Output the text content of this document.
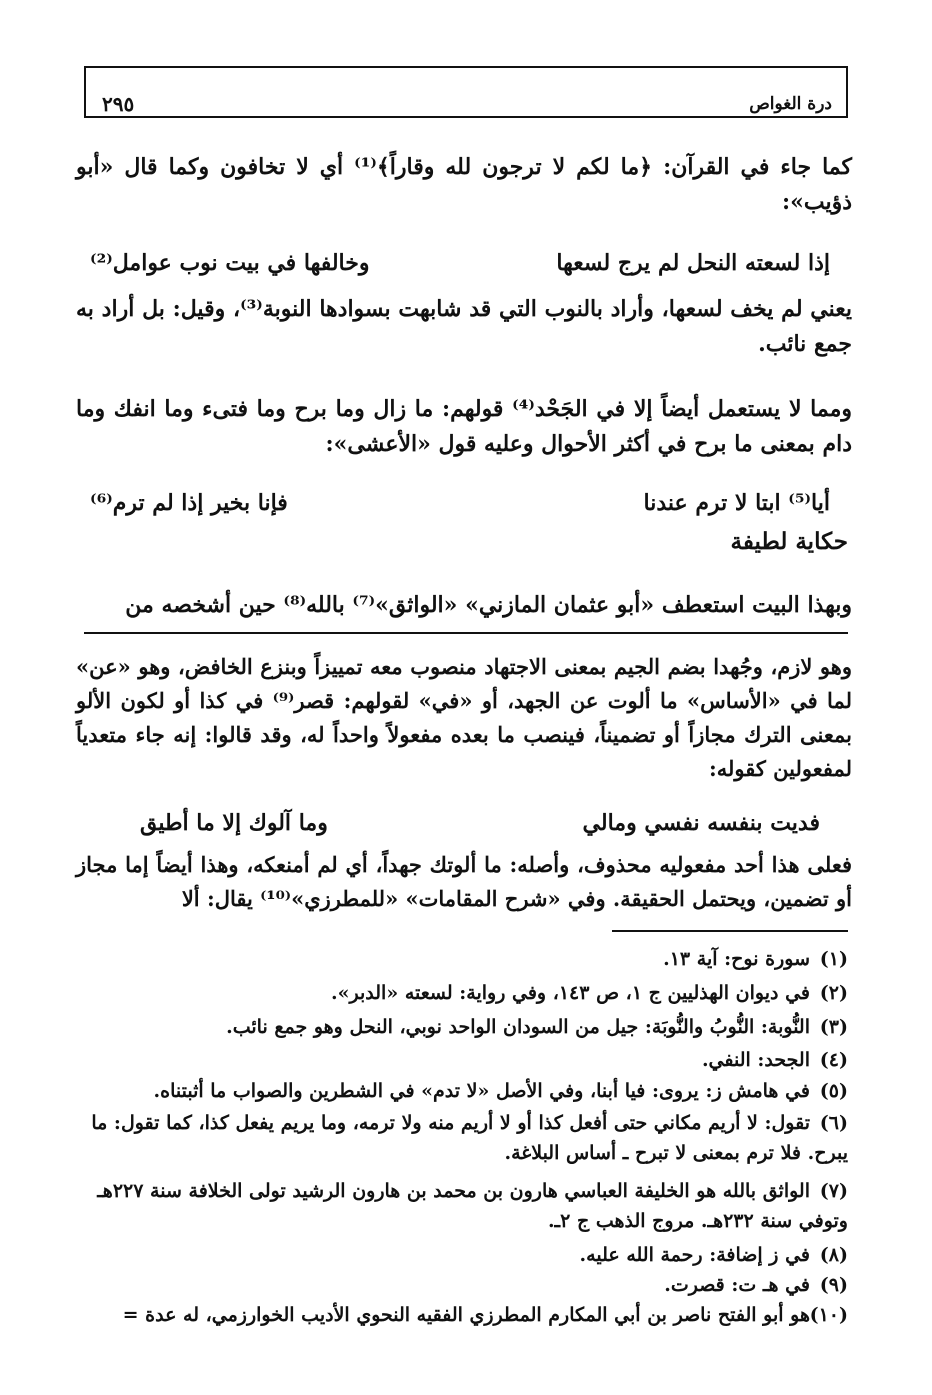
درة الغواص
٢٩٥
كما جاء في القرآن: ﴿ما لكم لا ترجون لله وقاراً﴾⁽¹⁾ أي لا تخافون وكما قال «أبو ذؤيب»:
إذا لسعته النحل لم يرج لسعها
وخالفها في بيت نوب عوامل⁽²⁾
يعني لم يخف لسعها، وأراد بالنوب التي قد شابهت بسوادها النوبة⁽³⁾، وقيل: بل أراد به جمع نائب.
ومما لا يستعمل أيضاً إلا في الجَحْد⁽⁴⁾ قولهم: ما زال وما برح وما فتىء وما انفك وما دام بمعنى ما برح في أكثر الأحوال وعليه قول «الأعشى»:
أيا⁽⁵⁾ ابتا لا ترم عندنا
فإنا بخير إذا لم ترم⁽⁶⁾
حكاية لطيفة
وبهذا البيت استعطف «أبو عثمان المازني» «الواثق»⁽⁷⁾ بالله⁽⁸⁾ حين أشخصه من
وهو لازم، وجُهدا بضم الجيم بمعنى الاجتهاد منصوب معه تمييزاً وبنزع الخافض، وهو «عن» لما في «الأساس» ما ألوت عن الجهد، أو «في» لقولهم: قصر⁽⁹⁾ في كذا أو لكون الألو بمعنى الترك مجازاً أو تضميناً، فينصب ما بعده مفعولاً واحداً له، وقد قالوا: إنه جاء متعدياً لمفعولين كقوله:
فديت بنفسه نفسي ومالي
وما آلوك إلا ما أطيق
فعلى هذا أحد مفعوليه محذوف، وأصله: ما ألوتك جهداً، أي لم أمنعكه، وهذا أيضاً إما مجاز أو تضمين، ويحتمل الحقيقة. وفي «شرح المقامات» «للمطرزي»⁽¹⁰⁾ يقال: ألا
(١)سورة نوح: آية ١٣.
(٢)في ديوان الهذليين ج ١، ص ١٤٣، وفي رواية: لسعته «الدبر».
(٣)النُّوبة: النُّوبُ والنُّوبَة: جيل من السودان الواحد نوبي، النحل وهو جمع نائب.
(٤)الجحد: النفي.
(٥)في هامش ز: يروى: فيا أبنا، وفي الأصل «لا تدم» في الشطرين والصواب ما أثبتناه.
(٦)تقول: لا أريم مكاني حتى أفعل كذا أو لا أريم منه ولا ترمه، وما يريم يفعل كذا، كما تقول: ما يبرح. فلا ترم بمعنى لا تبرح ـ أساس البلاغة.
(٧)الواثق بالله هو الخليفة العباسي هارون بن محمد بن هارون الرشيد تولى الخلافة سنة ٢٢٧هـ وتوفي سنة ٢٣٢هـ. مروج الذهب ج ٢ـ.
(٨)في ز إضافة: رحمة الله عليه.
(٩)في هـ ت: قصرت.
(١٠)هو أبو الفتح ناصر بن أبي المكارم المطرزي الفقيه النحوي الأديب الخوارزمي، له عدة =
